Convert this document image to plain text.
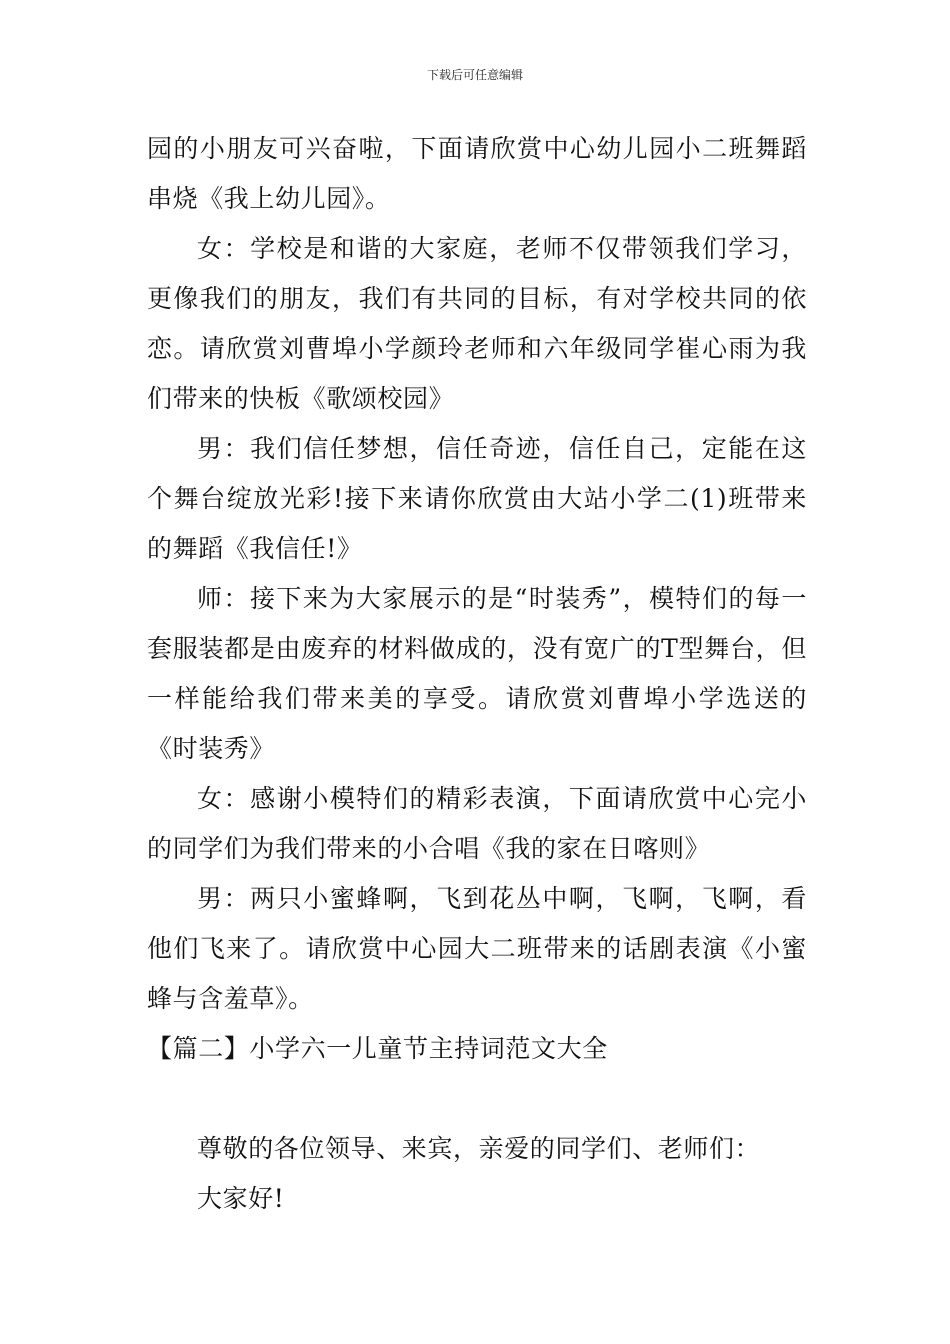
下载后可任意编辑

园的小朋友可兴奋啦，下面请欣赏中心幼儿园小二班舞蹈串烧《我上幼儿园》。

女：学校是和谐的大家庭，老师不仅带领我们学习，更像我们的朋友，我们有共同的目标，有对学校共同的依恋。请欣赏刘曹埠小学颜玲老师和六年级同学崔心雨为我们带来的快板《歌颂校园》

男：我们信任梦想，信任奇迹，信任自己，定能在这个舞台绽放光彩!接下来请你欣赏由大站小学二(1)班带来的舞蹈《我信任!》

师：接下来为大家展示的是“时装秀”，模特们的每一套服装都是由废弃的材料做成的，没有宽广的T型舞台，但一样能给我们带来美的享受。请欣赏刘曹埠小学选送的《时装秀》

女：感谢小模特们的精彩表演，下面请欣赏中心完小的同学们为我们带来的小合唱《我的家在日喀则》

男：两只小蜜蜂啊，飞到花丛中啊，飞啊，飞啊，看他们飞来了。请欣赏中心园大二班带来的话剧表演《小蜜蜂与含羞草》。

【篇二】小学六一儿童节主持词范文大全

尊敬的各位领导、来宾，亲爱的同学们、老师们：

大家好!
